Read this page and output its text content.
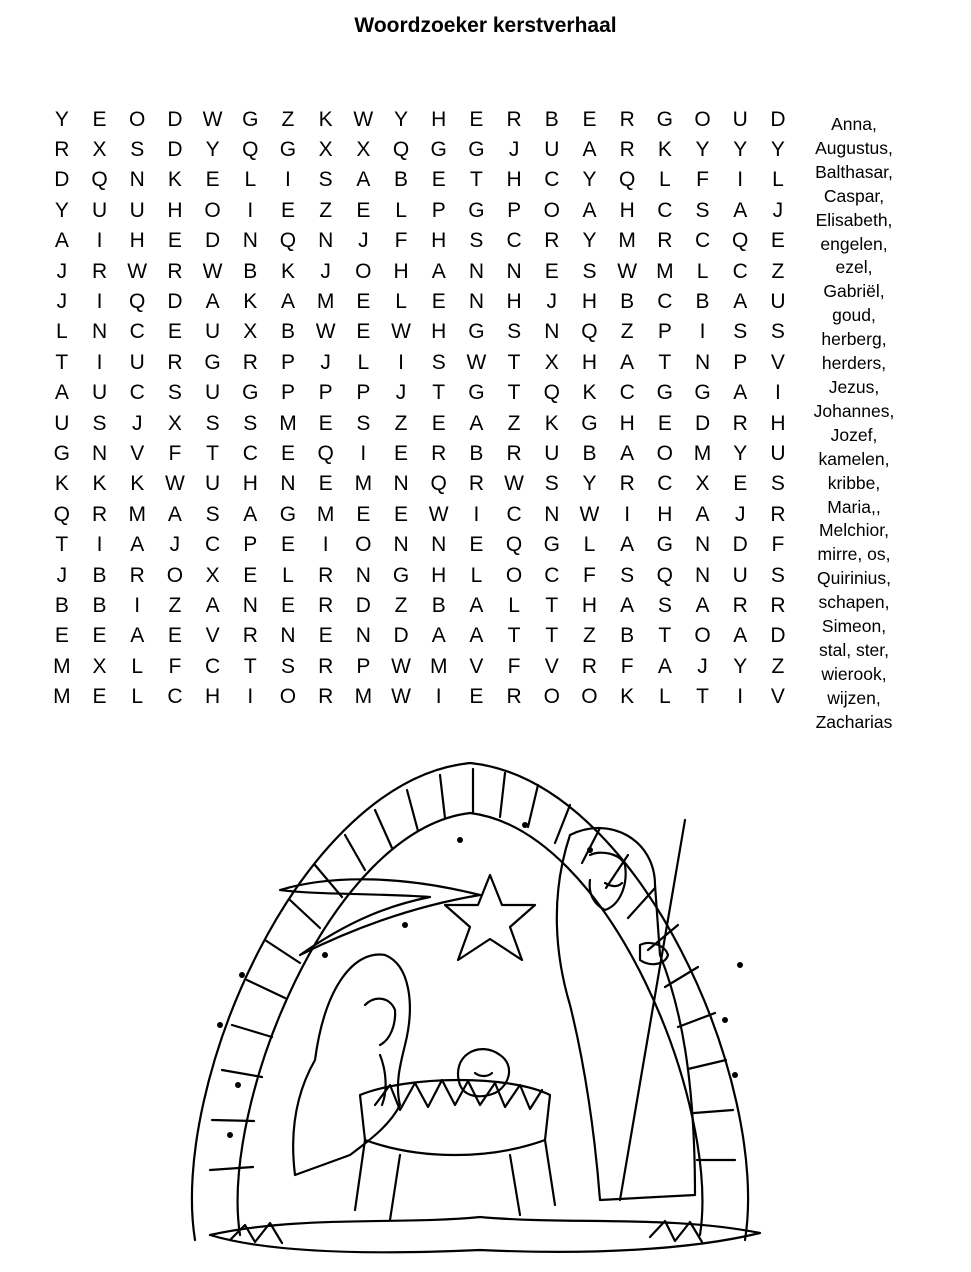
Woordzoeker kerstverhaal
Y	E	O	D W G	Z	K W Y	H	E	R	B	E	R	G	O	U	D
R	X	S	D	Y	Q	G	X	X	Q	G	G	J	U	A	R	K	Y	Y	Y
D	Q	N	K	E	L	I	S	A	B	E	T	H	C	Y	Q	L	F	I	L
Y	U	U	H	O	I	E	Z	E	L	P	G	P	O	A	H	C	S	A	J
A	I	H	E	D	N	Q	N	J	F	H	S	C	R	Y	M	R	C	Q	E
J	R W R W B	K	J	O	H	A	N	N	E	S W M	L	C	Z
J	I	Q	D	A	K	A	M	E	L	E	N	H	J	H	B	C	B	A	U
L	N	C	E	U	X	B W E W H	G	S	N	Q	Z	P	I	S	S
T	I	U	R	G	R	P	J	L	I	S W	T	X	H	A	T	N	P	V
A	U	C	S	U	G	P	P	P	J	T	G	T	Q	K	C	G	G	A	I
U	S	J	X	S	S	M	E	S	Z	E	A	Z	K	G	H	E	D	R	H
G	N	V	F	T	C	E	Q	I	E	R	B	R	U	B	A	O M	Y	U
K	K	K W U	H	N	E	M	N	Q	R W S	Y	R	C	X	E	S
Q	R	M	A	S	A	G M	E	E W	I	C	N W	I	H	A	J	R
T	I	A	J	C	P	E	I	O	N	N	E	Q	G	L	A	G	N	D	F
J	B	R	O	X	E	L	R	N	G	H	L	O	C	F	S	Q	N	U	S
B	B	I	Z	A	N	E	R	D	Z	B	A	L	T	H	A	S	A	R	R
E	E	A	E	V	R	N	E	N	D	A	A	T	T	Z	B	T	O	A	D
M	X	L	F	C	T	S	R	P W M	V	F	V	R	F	A	J	Y	Z
M	E	L	C	H	I	O	R	M W	I	E	R	O	O	K	L	T	I	V
Anna,
Augustus,
Balthasar,
Caspar,
Elisabeth,
engelen,
ezel,
Gabriël,
goud,
herberg,
herders,
Jezus,
Johannes,
Jozef,
kamelen,
kribbe,
Maria,,
Melchior,
mirre, os,
Quirinius,
schapen,
Simeon,
stal, ster,
wierook,
wijzen,
Zacharias
